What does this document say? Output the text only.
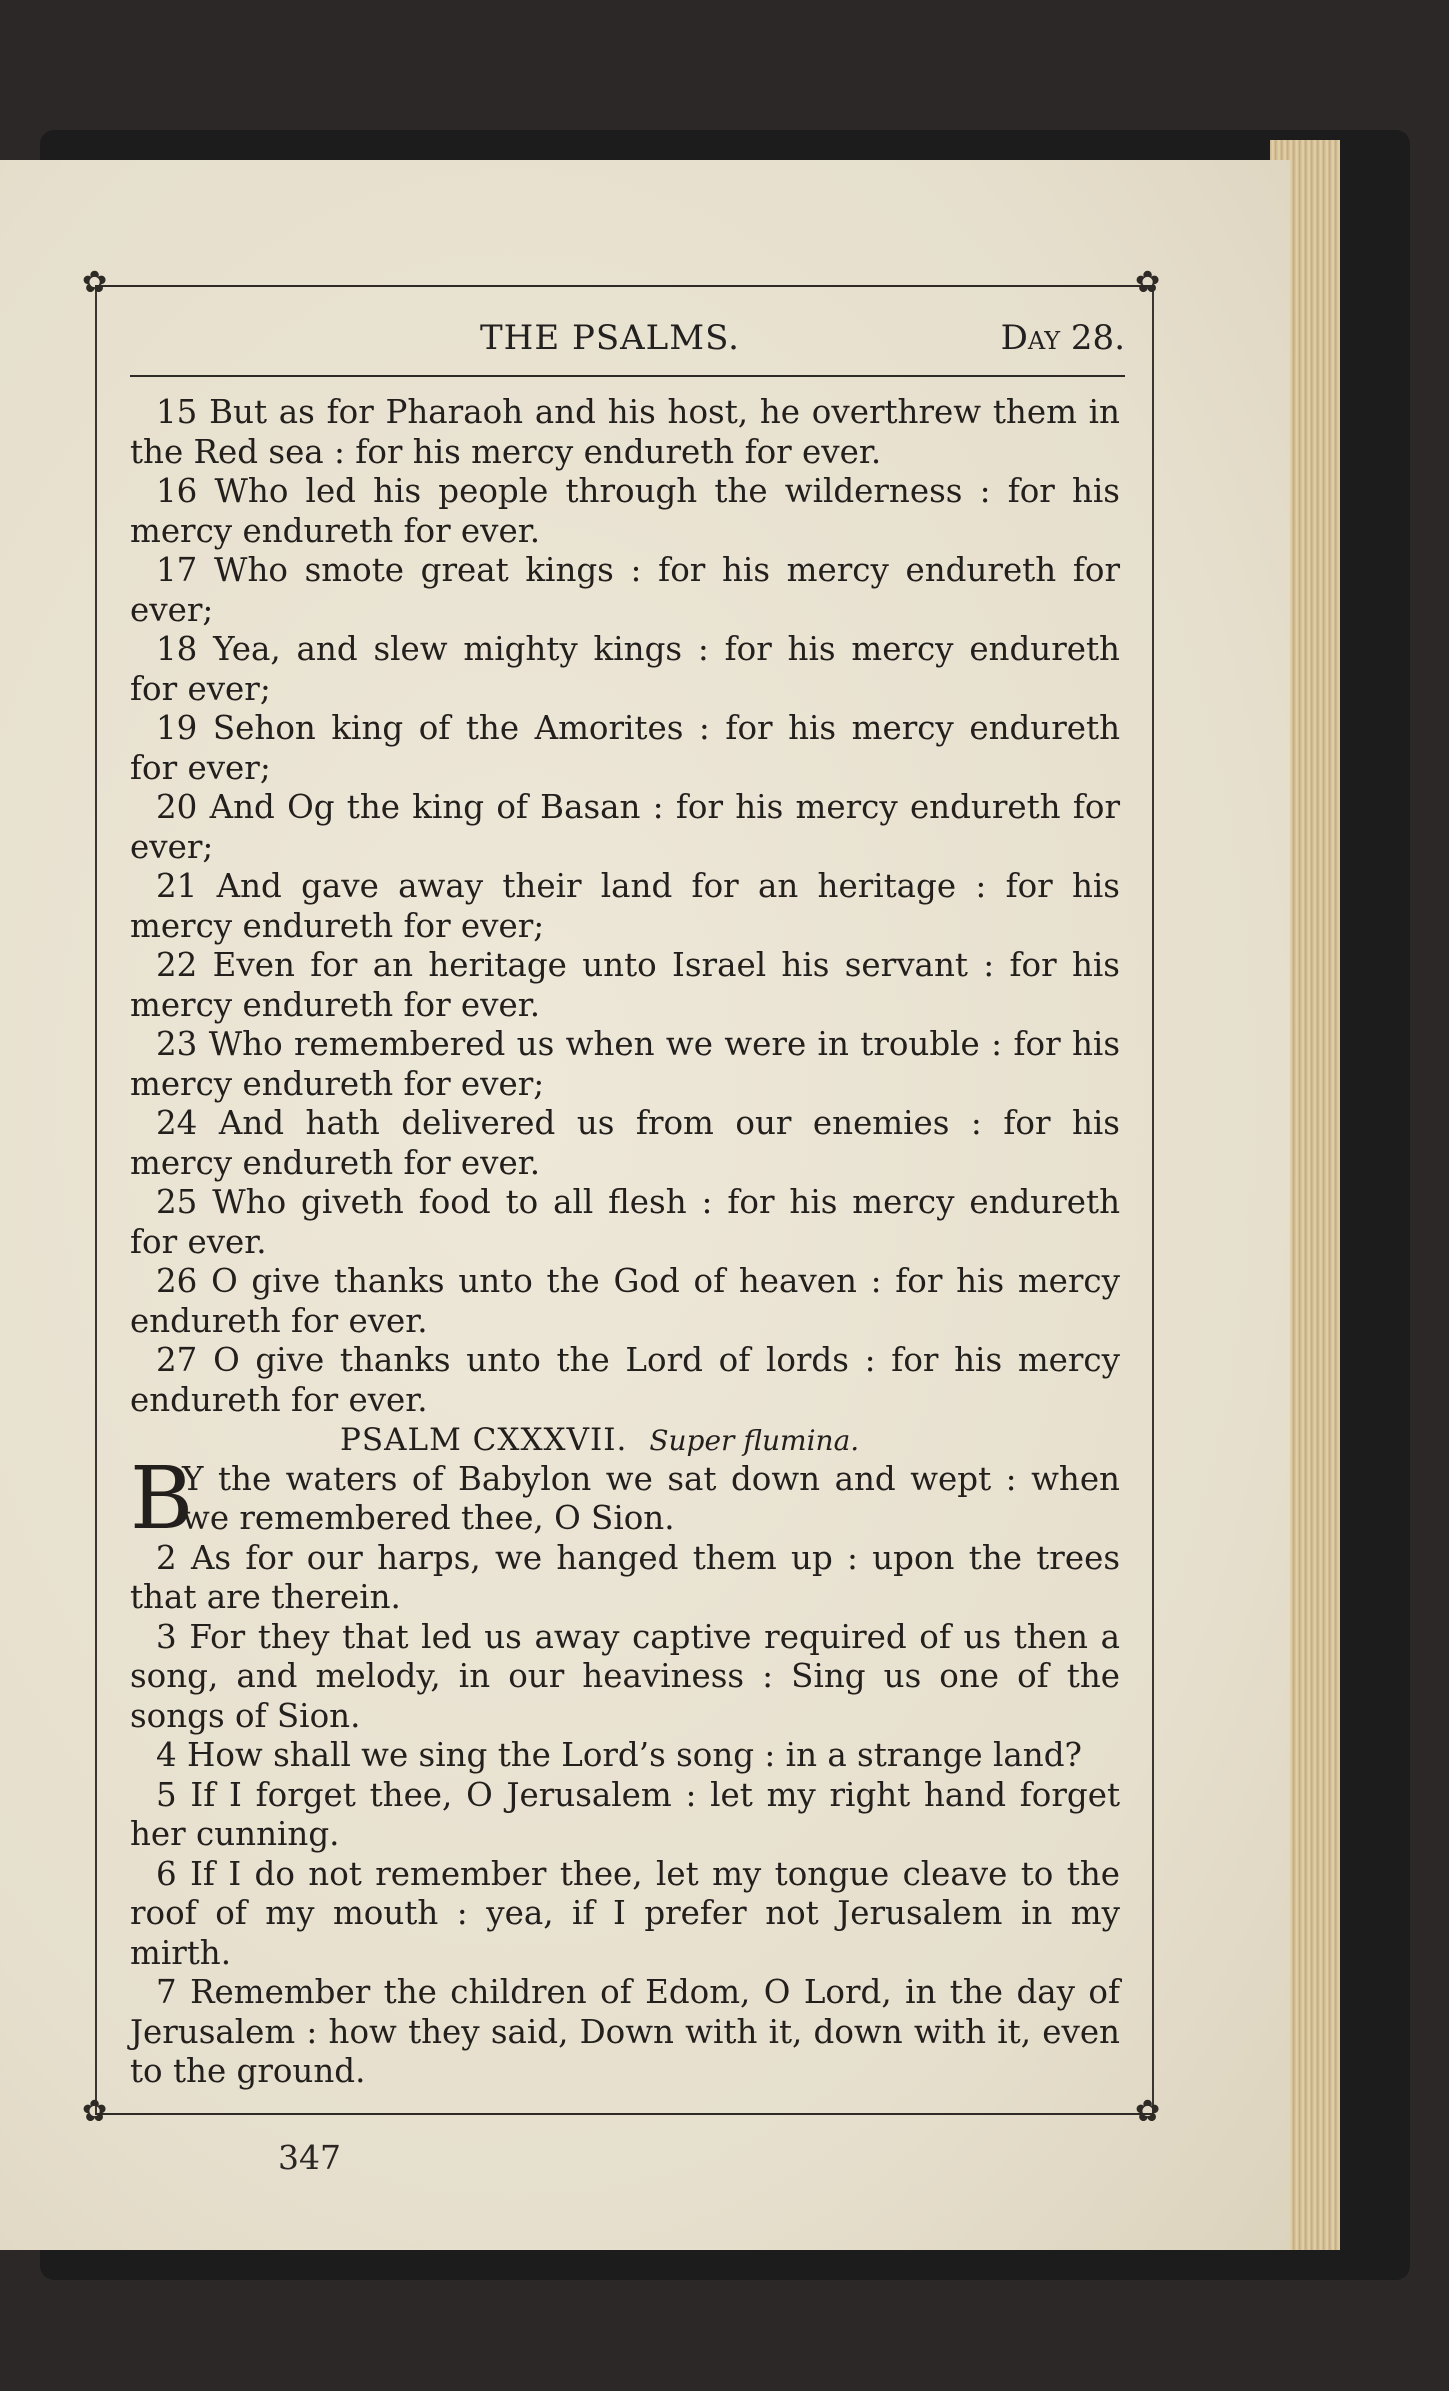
✿	✿
✿	✿
THE PSALMS.	Day 28.

15 But as for Pharaoh and his host, he overthrew them in the Red sea : for his mercy endureth for ever.

16 Who led his people through the wilderness : for his mercy endureth for ever.

17 Who smote great kings : for his mercy endureth for ever;

18 Yea, and slew mighty kings : for his mercy endureth for ever;

19 Sehon king of the Amorites : for his mercy endureth for ever;

20 And Og the king of Basan : for his mercy endureth for ever;

21 And gave away their land for an heritage : for his mercy endureth for ever;

22 Even for an heritage unto Israel his servant : for his mercy endureth for ever.

23 Who remembered us when we were in trouble : for his mercy endureth for ever;

24 And hath delivered us from our enemies : for his mercy endureth for ever.

25 Who giveth food to all flesh : for his mercy endureth for ever.

26 O give thanks unto the God of heaven : for his mercy endureth for ever.

27 O give thanks unto the Lord of lords : for his mercy endureth for ever.

PSALM CXXXVII. Super flumina.

B
Y the waters of Babylon we sat down and wept : when we remembered thee, O Sion.

2 As for our harps, we hanged them up : upon the trees that are therein.

3 For they that led us away captive required of us then a song, and melody, in our heaviness : Sing us one of the songs of Sion.

4 How shall we sing the Lord’s song : in a strange land?

5 If I forget thee, O Jerusalem : let my right hand forget her cunning.

6 If I do not remember thee, let my tongue cleave to the roof of my mouth : yea, if I prefer not Jerusalem in my mirth.

7 Remember the children of Edom, O Lord, in the day of Jerusalem : how they said, Down with it, down with it, even to the ground.

347
